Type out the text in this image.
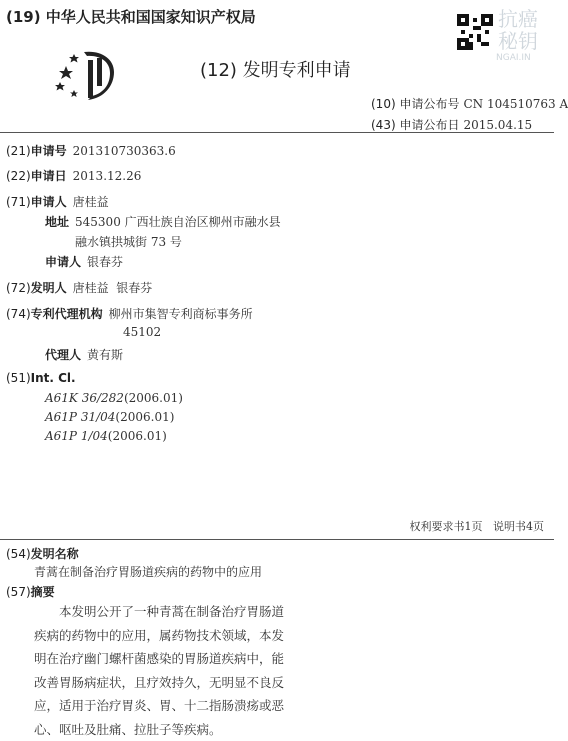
(19) 中华人民共和国国家知识产权局
(12) 发明专利申请
抗癌
秘钥
NGAI.IN
(10) 申请公布号 CN 104510763 A
(43) 申请公布日 2015.04.15
(21)申请号 201310730363.6
(22)申请日 2013.12.26
(71)申请人 唐桂益
地址 545300 广西壮族自治区柳州市融水县
融水镇拱城街 73 号
申请人 银春芬
(72)发明人 唐桂益  银春芬
(74)专利代理机构 柳州市集智专利商标事务所
45102
代理人 黄有斯
(51)Int. Cl.
A61K 36/282(2006.01)
A61P 31/04(2006.01)
A61P 1/04(2006.01)
权利要求书1页   说明书4页
(54)发明名称
青蒿在制备治疗胃肠道疾病的药物中的应用
(57)摘要
本发明公开了一种青蒿在制备治疗胃肠道疾病的药物中的应用，属药物技术领域，本发明在治疗幽门螺杆菌感染的胃肠道疾病中，能改善胃肠病症状，且疗效持久，无明显不良反应，适用于治疗胃炎、胃、十二指肠溃疡或恶心、呕吐及肚痛、拉肚子等疾病。
